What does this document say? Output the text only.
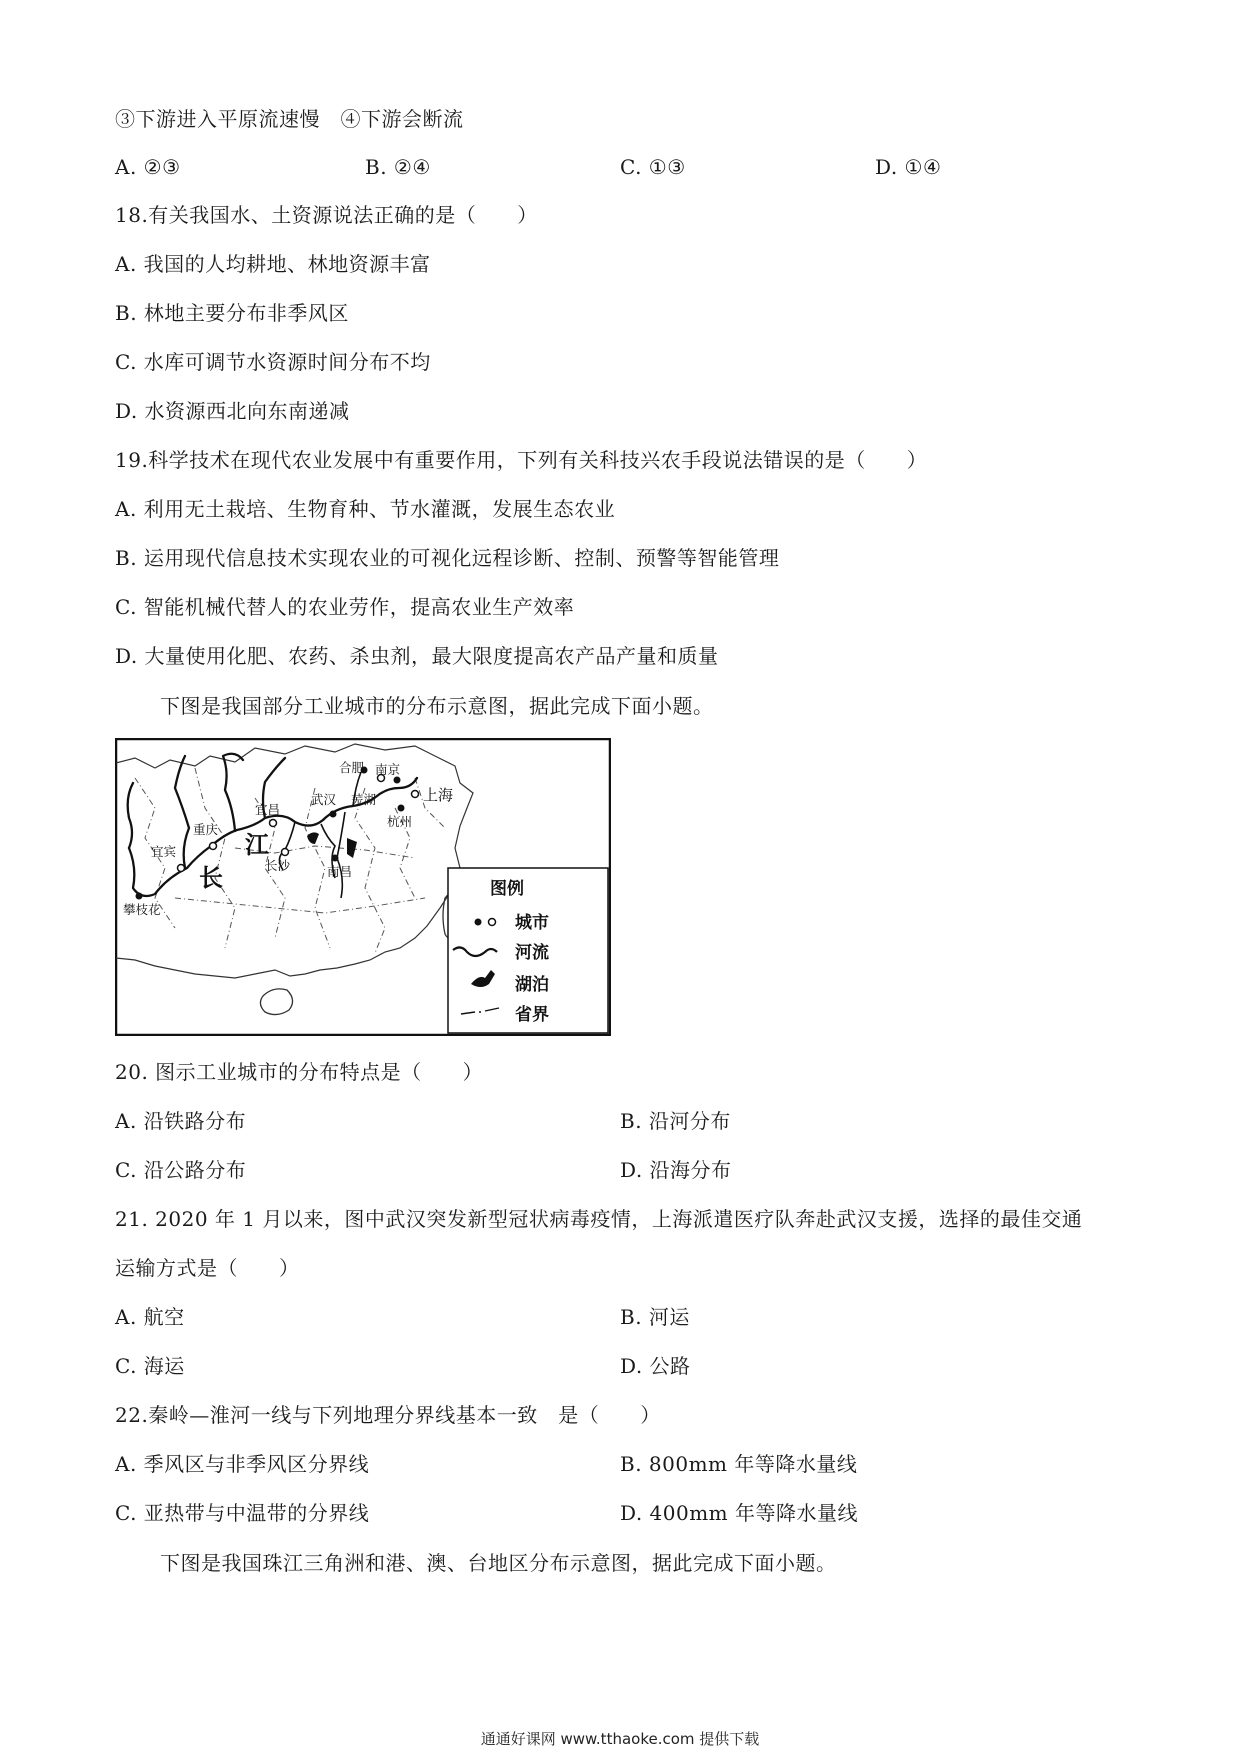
③下游进入平原流速慢　④下游会断流
A. ②③	B. ②④	C. ①③	D. ①④
18.有关我国水、土资源说法正确的是（　　）
A. 我国的人均耕地、林地资源丰富
B. 林地主要分布非季风区
C. 水库可调节水资源时间分布不均
D. 水资源西北向东南递减
19.科学技术在现代农业发展中有重要作用，下列有关科技兴农手段说法错误的是（　　）
A. 利用无土栽培、生物育种、节水灌溉，发展生态农业
B. 运用现代信息技术实现农业的可视化远程诊断、控制、预警等智能管理
C. 智能机械代替人的农业劳作，提高农业生产效率
D. 大量使用化肥、农药、杀虫剂，最大限度提高农产品产量和质量
下图是我国部分工业城市的分布示意图，据此完成下面小题。
合肥 南京
上海
宜昌
武汉 芜湖
杭州
重庆
宜宾
长沙	南昌
攀枝花
江
长	图例
城市
河流
湖泊
省界
20. 图示工业城市的分布特点是（　　）
A. 沿铁路分布	B. 沿河分布
C. 沿公路分布	D. 沿海分布
21. 2020 年 1 月以来，图中武汉突发新型冠状病毒疫情，上海派遣医疗队奔赴武汉支援，选择的最佳交通
运输方式是（　　）
A. 航空	B. 河运
C. 海运	D. 公路
22.秦岭—淮河一线与下列地理分界线基本一致　是（　　）
A. 季风区与非季风区分界线	B. 800mm 年等降水量线
C. 亚热带与中温带的分界线	D. 400mm 年等降水量线
下图是我国珠江三角洲和港、澳、台地区分布示意图，据此完成下面小题。
通通好课网 www.tthaoke.com 提供下载
